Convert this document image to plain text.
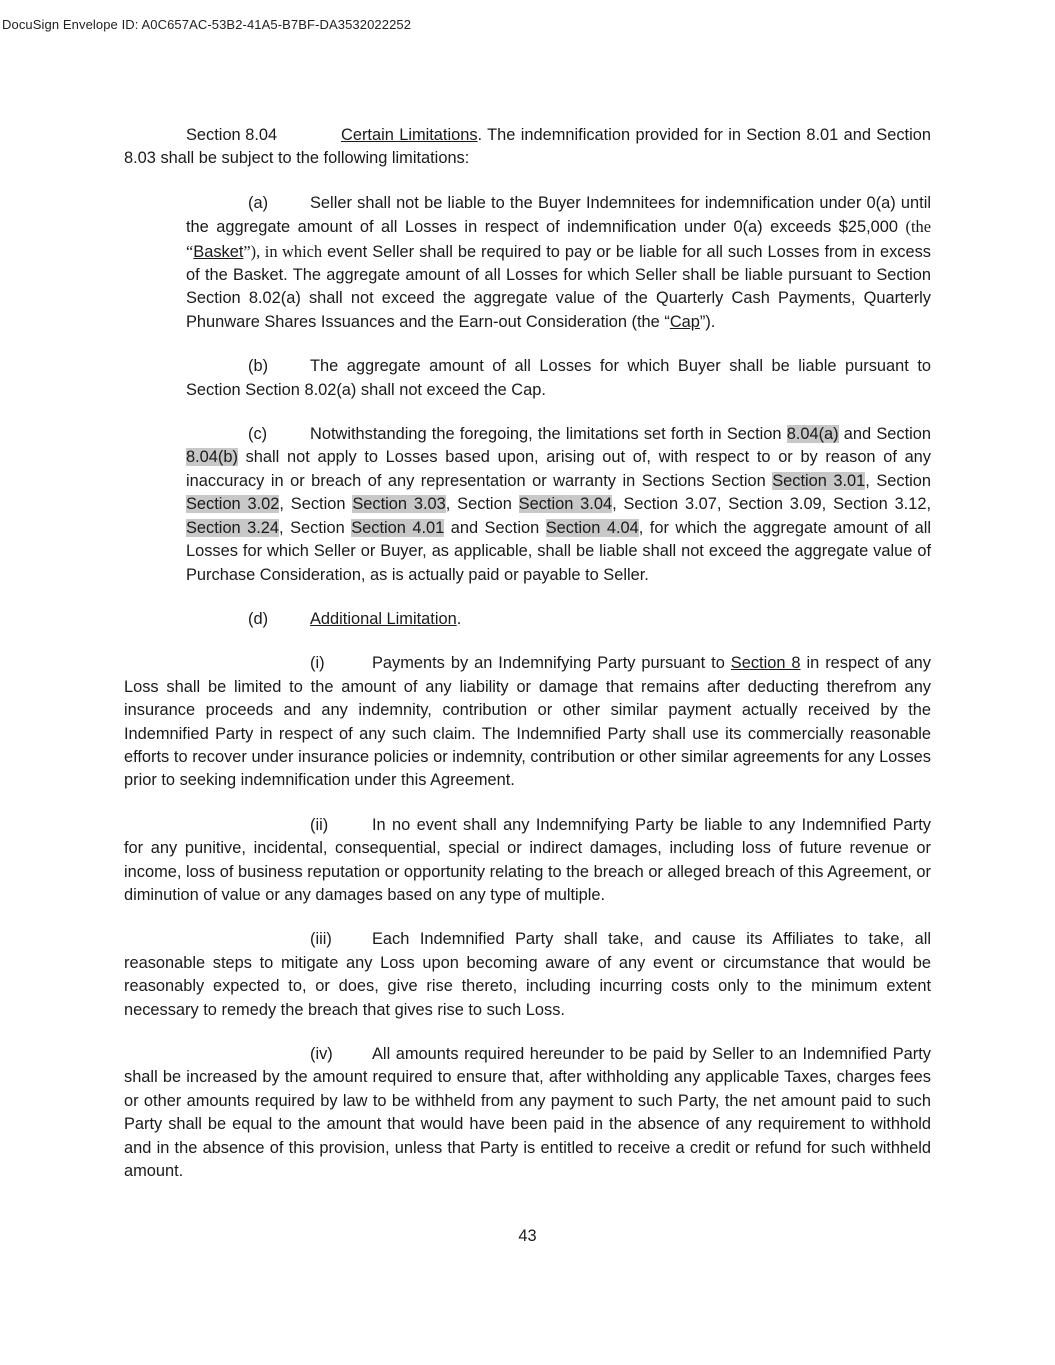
DocuSign Envelope ID: A0C657AC-53B2-41A5-B7BF-DA3532022252

Section 8.04	Certain Limitations. The indemnification provided for in Section 8.01 and Section 8.03 shall be subject to the following limitations:

(a)	Seller shall not be liable to the Buyer Indemnitees for indemnification under 0(a) until the aggregate amount of all Losses in respect of indemnification under 0(a) exceeds $25,000 (the “Basket”), in which event Seller shall be required to pay or be liable for all such Losses from in excess of the Basket. The aggregate amount of all Losses for which Seller shall be liable pursuant to Section Section 8.02(a) shall not exceed the aggregate value of the Quarterly Cash Payments, Quarterly Phunware Shares Issuances and the Earn-out Consideration (the “Cap”).

(b)	The aggregate amount of all Losses for which Buyer shall be liable pursuant to Section Section 8.02(a) shall not exceed the Cap.

(c)	Notwithstanding the foregoing, the limitations set forth in Section 8.04(a) and Section 8.04(b) shall not apply to Losses based upon, arising out of, with respect to or by reason of any inaccuracy in or breach of any representation or warranty in Sections Section Section 3.01, Section Section 3.02, Section Section 3.03, Section Section 3.04, Section 3.07, Section 3.09, Section 3.12, Section 3.24, Section Section 4.01 and Section Section 4.04, for which the aggregate amount of all Losses for which Seller or Buyer, as applicable, shall be liable shall not exceed the aggregate value of Purchase Consideration, as is actually paid or payable to Seller.

(d)	Additional Limitation.

(i)	Payments by an Indemnifying Party pursuant to Section 8 in respect of any Loss shall be limited to the amount of any liability or damage that remains after deducting therefrom any insurance proceeds and any indemnity, contribution or other similar payment actually received by the Indemnified Party in respect of any such claim. The Indemnified Party shall use its commercially reasonable efforts to recover under insurance policies or indemnity, contribution or other similar agreements for any Losses prior to seeking indemnification under this Agreement.

(ii)	In no event shall any Indemnifying Party be liable to any Indemnified Party for any punitive, incidental, consequential, special or indirect damages, including loss of future revenue or income, loss of business reputation or opportunity relating to the breach or alleged breach of this Agreement, or diminution of value or any damages based on any type of multiple.

(iii) Each Indemnified Party shall take, and cause its Affiliates to take, all reasonable steps to mitigate any Loss upon becoming aware of any event or circumstance that would be reasonably expected to, or does, give rise thereto, including incurring costs only to the minimum extent necessary to remedy the breach that gives rise to such Loss.

(iv) All amounts required hereunder to be paid by Seller to an Indemnified Party shall be increased by the amount required to ensure that, after withholding any applicable Taxes, charges fees or other amounts required by law to be withheld from any payment to such Party, the net amount paid to such Party shall be equal to the amount that would have been paid in the absence of any requirement to withhold and in the absence of this provision, unless that Party is entitled to receive a credit or refund for such withheld amount.

43
